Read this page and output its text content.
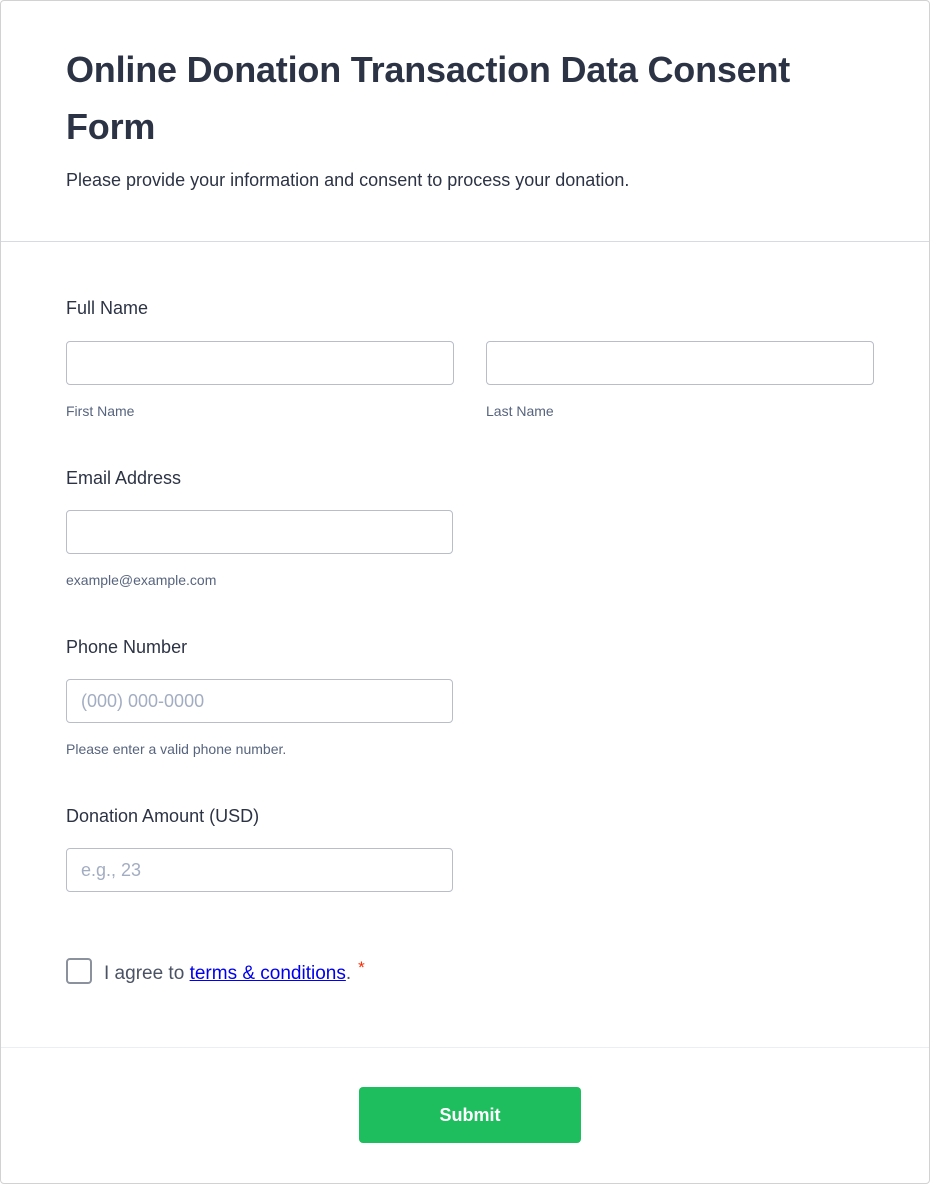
Online Donation Transaction Data Consent Form
Please provide your information and consent to process your donation.
Full Name
First Name	Last Name
Email Address
example@example.com
Phone Number
(000) 000-0000
Please enter a valid phone number.
Donation Amount (USD)
e.g., 23
I agree to terms & conditions. *
Submit
